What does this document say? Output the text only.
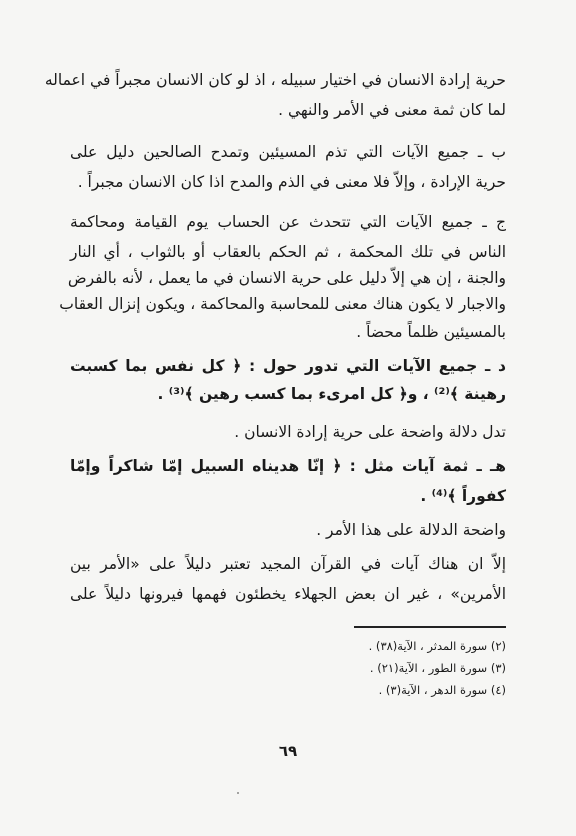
حرية إرادة الانسان في اختيار سبيله ، اذ لو كان الانسان مجبراً في اعماله
لما كان ثمة معنى في الأمر والنهي .
ب ـ جميع الآيات التي تذم المسيئين وتمدح الصالحين دليل على
حرية الإرادة ، وإلاّ فلا معنى في الذم والمدح اذا كان الانسان مجبراً .
ج ـ جميع الآيات التي تتحدث عن الحساب يوم القيامة ومحاكمة
الناس في تلك المحكمة ، ثم الحكم بالعقاب أو بالثواب ، أي النار
والجنة ، إن هي إلاّ دليل على حرية الانسان في ما يعمل ، لأنه بالفرض
والاجبار لا يكون هناك معنى للمحاسبة والمحاكمة ، ويكون إنزال العقاب
بالمسيئين ظلماً محضاً .
د ـ جميع الآيات التي تدور حول : ﴿ كل نفس بما كسبت
رهينة ﴾⁽²⁾ ، و﴿ كل امرىء بما كسب رهين ﴾⁽³⁾ .
تدل دلالة واضحة على حرية إرادة الانسان .
هـ ـ ثمة آيات مثل : ﴿ إنّا هديناه السبيل إمّا شاكراً وإمّا
كفوراً ﴾⁽⁴⁾ .
واضحة الدلالة على هذا الأمر .
إلاّ ان هناك آيات في القرآن المجيد تعتبر دليلاً على «الأمر بين
الأمرين» ، غير ان بعض الجهلاء يخطئون فهمها فيرونها دليلاً على
(٢) سورة المدثر ، الآية(٣٨) .
(٣) سورة الطور ، الآية(٢١) .
(٤) سورة الدهر ، الآية(٣) .
٦٩
